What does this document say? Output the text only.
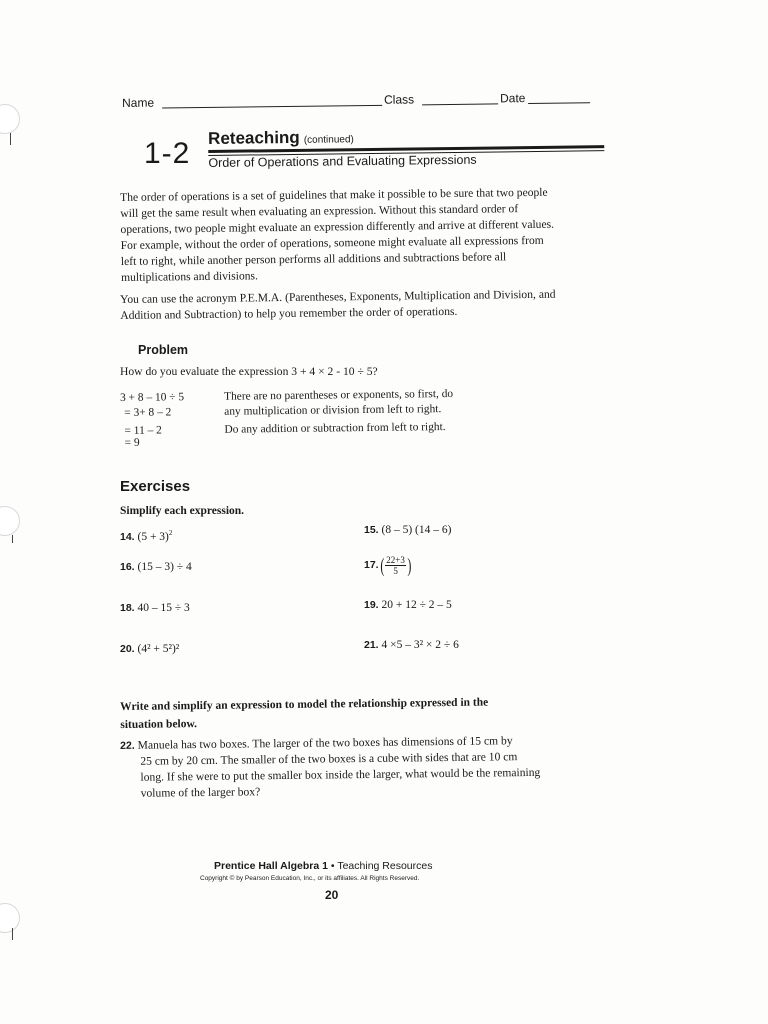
Name	Class	Date
1-2 Reteaching (continued)
Order of Operations and Evaluating Expressions
The order of operations is a set of guidelines that make it possible to be sure that two people will get the same result when evaluating an expression. Without this standard order of operations, two people might evaluate an expression differently and arrive at different values. For example, without the order of operations, someone might evaluate all expressions from left to right, while another person performs all additions and subtractions before all multiplications and divisions.
You can use the acronym P.E.M.A. (Parentheses, Exponents, Multiplication and Division, and Addition and Subtraction) to help you remember the order of operations.
Problem
How do you evaluate the expression 3 + 4 × 2 - 10 ÷ 5?
3 + 8 – 10 ÷ 5	There are no parentheses or exponents, so first, do
= 3+ 8 – 2	any multiplication or division from left to right.
= 11 – 2	Do any addition or subtraction from left to right.
= 9
Exercises
Simplify each expression.
14. $(5 + 3)^2$	15. (8 – 5) (14 – 6)
16. (15 – 3) ÷ 4	$17.( \frac{22+3}{5}$ )
18. 40 – 15 ÷ 3	19. 20 + 12 ÷ 2 – 5
20. (4² + 5²)²	21. 4 ×5 – 3² × 2 ÷ 6
Write and simplify an expression to model the relationship expressed in the situation below.
22. Manuela has two boxes. The larger of the two boxes has dimensions of 15 cm by
25 cm by 20 cm. The smaller of the two boxes is a cube with sides that are 10 cm long. If she were to put the smaller box inside the larger, what would be the remaining volume of the larger box?
Prentice Hall Algebra 1 • Teaching Resources
Copyright © by Pearson Education, Inc., or its affiliates. All Rights Reserved.
20
